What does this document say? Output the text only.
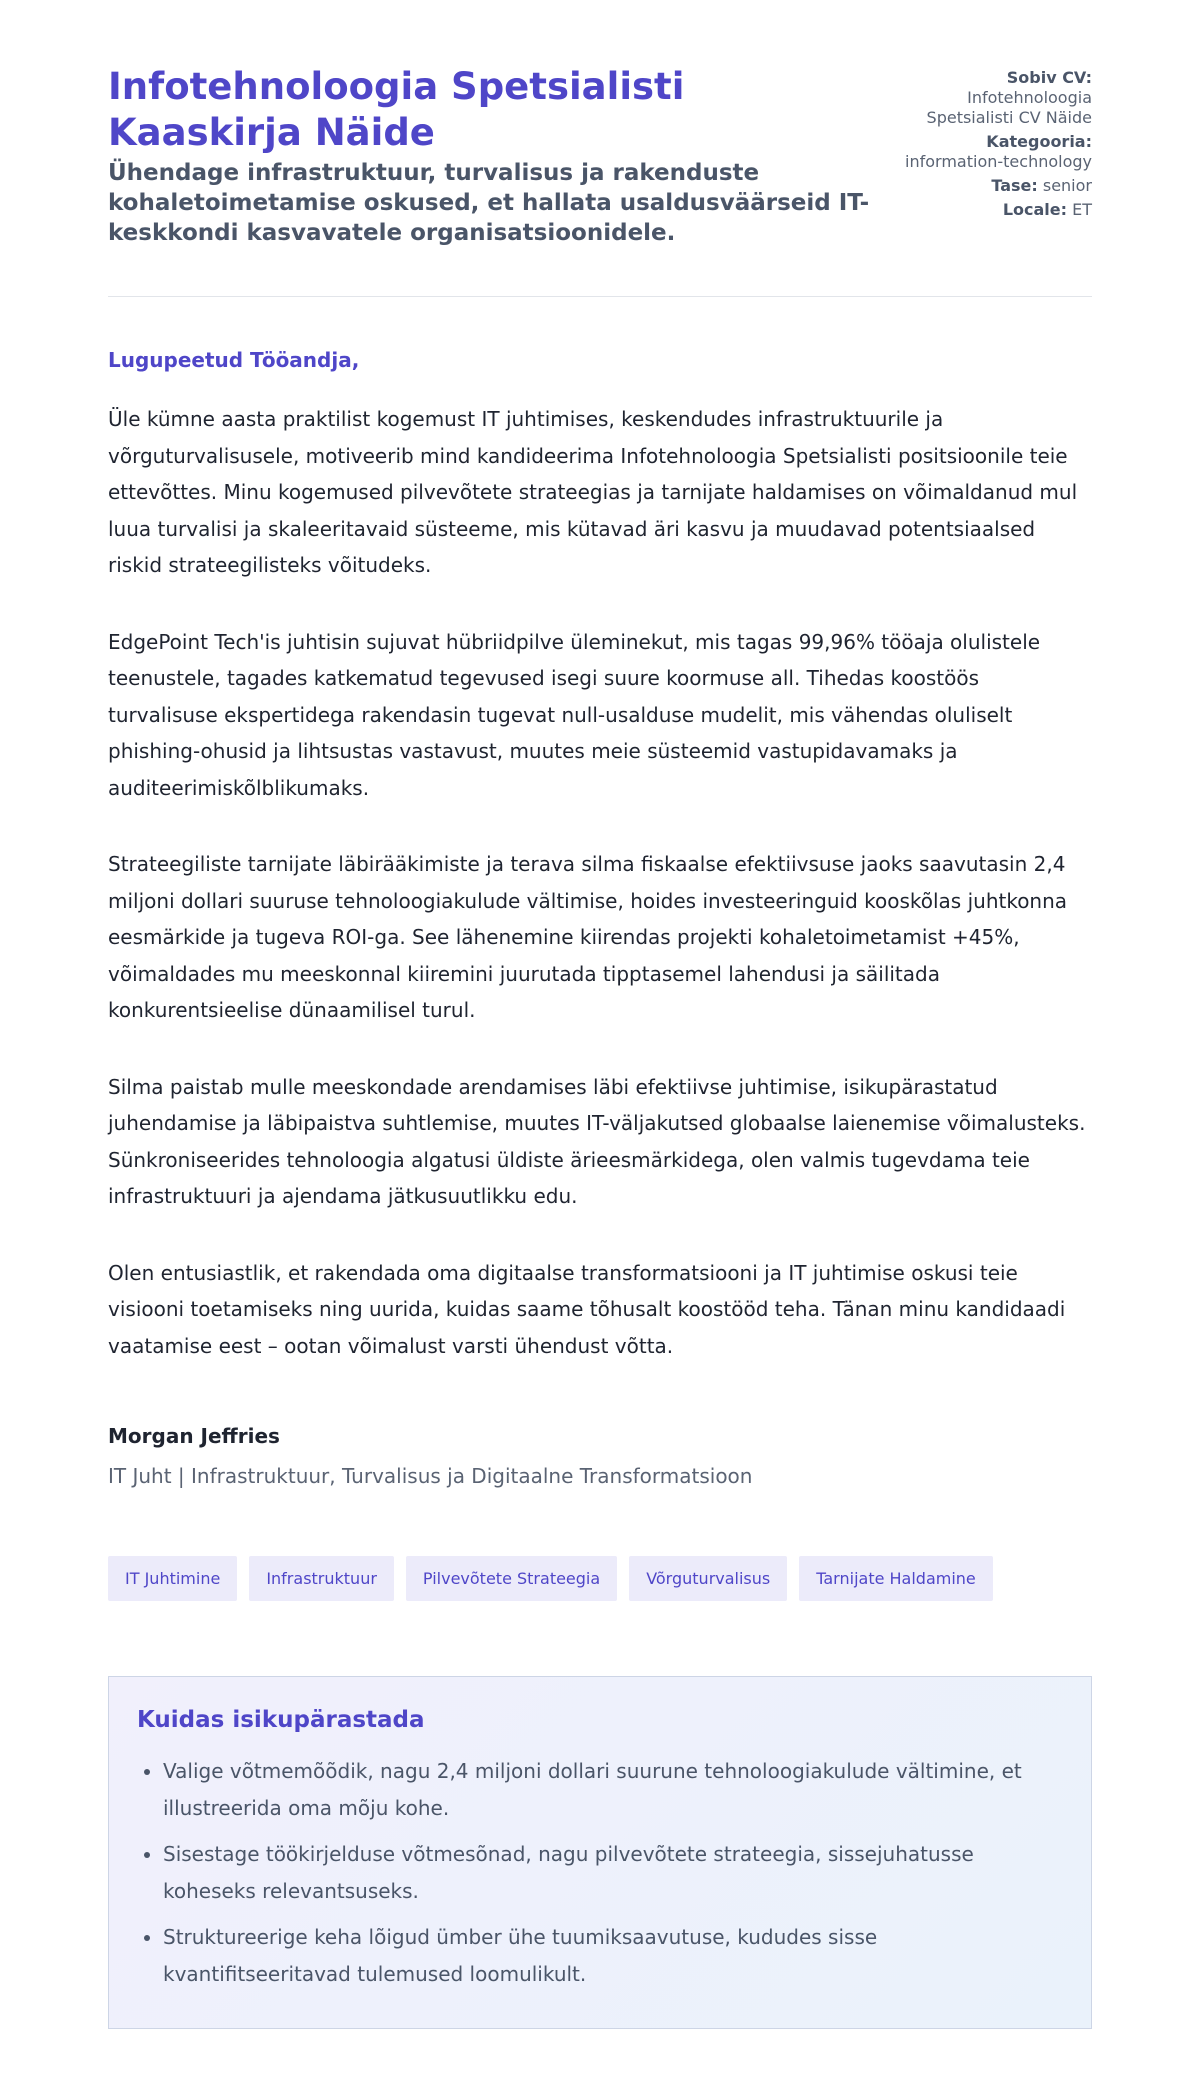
Infotehnoloogia Spetsialisti Kaaskirja Näide
Ühendage infrastruktuur, turvalisus ja rakenduste kohaletoimetamise oskused, et hallata usaldusväärseid IT-keskkondi kasvavatele organisatsioonidele.
Sobiv CV:
Infotehnoloogia Spetsialisti CV Näide
Kategooria:
information-technology
Tase: senior
Locale: ET
Lugupeetud Tööandja,

Üle kümne aasta praktilist kogemust IT juhtimises, keskendudes infrastruktuurile ja võrguturvalisusele, motiveerib mind kandideerima Infotehnoloogia Spetsialisti positsioonile teie ettevõttes. Minu kogemused pilvevõtete strateegias ja tarnijate haldamises on võimaldanud mul luua turvalisi ja skaleeritavaid süsteeme, mis kütavad äri kasvu ja muudavad potentsiaalsed riskid strateegilisteks võitudeks.

EdgePoint Tech'is juhtisin sujuvat hübriidpilve üleminekut, mis tagas 99,96% tööaja olulistele teenustele, tagades katkematud tegevused isegi suure koormuse all. Tihedas koostöös turvalisuse ekspertidega rakendasin tugevat null-usalduse mudelit, mis vähendas oluliselt phishing-ohusid ja lihtsustas vastavust, muutes meie süsteemid vastupidavamaks ja auditeerimiskõlblikumaks.

Strateegiliste tarnijate läbirääkimiste ja terava silma fiskaalse efektiivsuse jaoks saavutasin 2,4 miljoni dollari suuruse tehnoloogiakulude vältimise, hoides investeeringuid kooskõlas juhtkonna eesmärkide ja tugeva ROI-ga. See lähenemine kiirendas projekti kohaletoimetamist +45%, võimaldades mu meeskonnal kiiremini juurutada tipptasemel lahendusi ja säilitada konkurentsieelise dünaamilisel turul.

Silma paistab mulle meeskondade arendamises läbi efektiivse juhtimise, isikupärastatud juhendamise ja läbipaistva suhtlemise, muutes IT-väljakutsed globaalse laienemise võimalusteks. Sünkroniseerides tehnoloogia algatusi üldiste ärieesmärkidega, olen valmis tugevdama teie infrastruktuuri ja ajendama jätkusuutlikku edu.

Olen entusiastlik, et rakendada oma digitaalse transformatsiooni ja IT juhtimise oskusi teie visiooni toetamiseks ning uurida, kuidas saame tõhusalt koostööd teha. Tänan minu kandidaadi vaatamise eest – ootan võimalust varsti ühendust võtta.

Morgan Jeffries
IT Juht | Infrastruktuur, Turvalisus ja Digitaalne Transformatsioon
IT Juhtimine	Infrastruktuur	Pilvevõtete Strateegia	Võrguturvalisus	Tarnijate Haldamine
Kuidas isikupärastada
• Valige võtmemõõdik, nagu 2,4 miljoni dollari suurune tehnoloogiakulude vältimine, et illustreerida oma mõju kohe.
• Sisestage töökirjelduse võtmesõnad, nagu pilvevõtete strateegia, sissejuhatusse koheseks relevantsuseks.
• Struktureerige keha lõigud ümber ühe tuumiksaavutuse, kududes sisse kvantifitseeritavad tulemused loomulikult.
